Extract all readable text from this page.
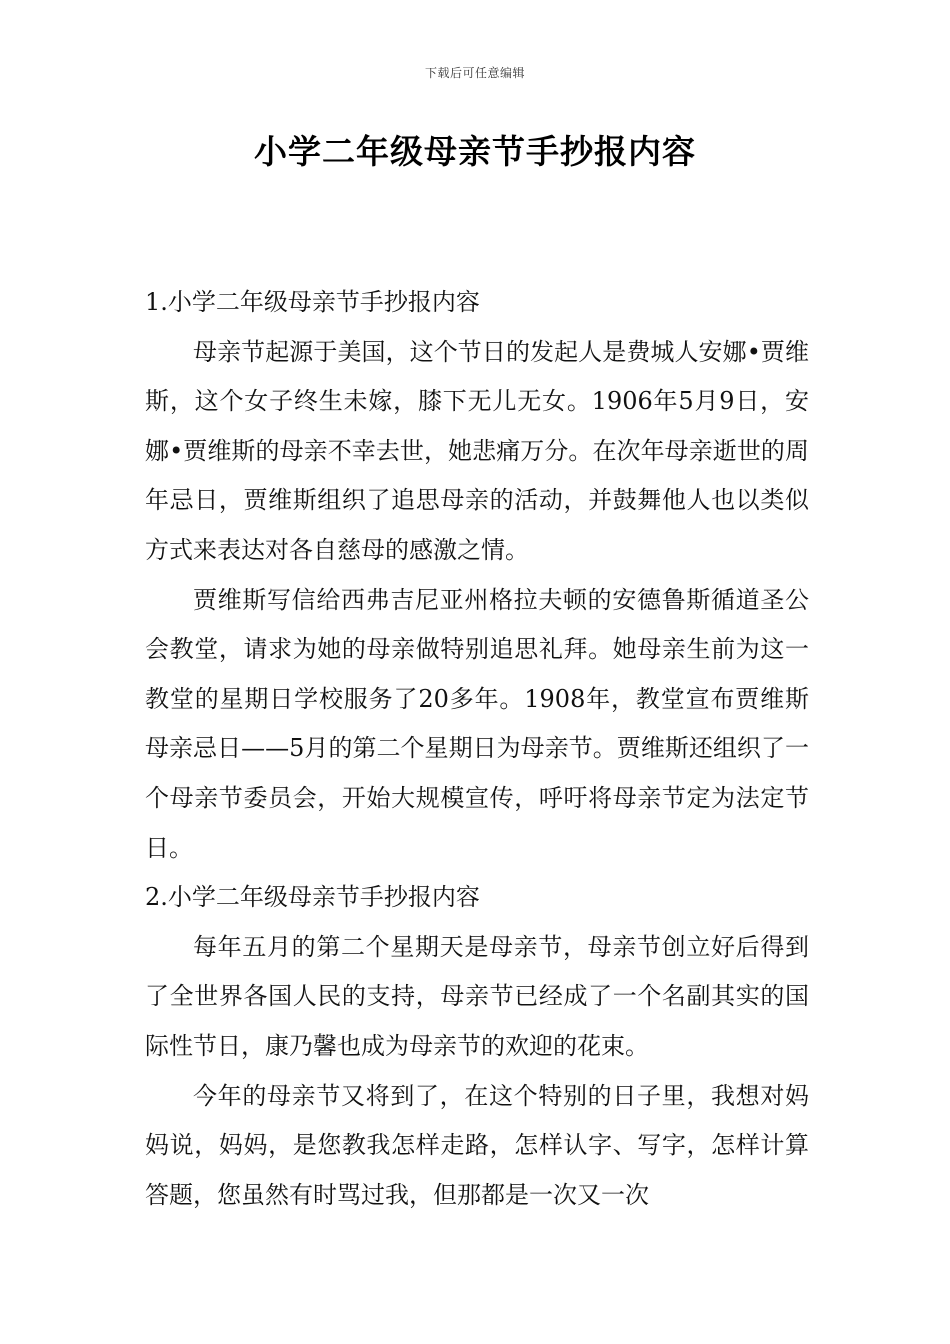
下载后可任意编辑
小学二年级母亲节手抄报内容

1.小学二年级母亲节手抄报内容

母亲节起源于美国，这个节日的发起人是费城人安娜•贾维斯，这个女子终生未嫁，膝下无儿无女。1906年5月9日，安娜•贾维斯的母亲不幸去世，她悲痛万分。在次年母亲逝世的周年忌日，贾维斯组织了追思母亲的活动，并鼓舞他人也以类似方式来表达对各自慈母的感激之情。

贾维斯写信给西弗吉尼亚州格拉夫顿的安德鲁斯循道圣公会教堂，请求为她的母亲做特别追思礼拜。她母亲生前为这一教堂的星期日学校服务了20多年。1908年，教堂宣布贾维斯母亲忌日——5月的第二个星期日为母亲节。贾维斯还组织了一个母亲节委员会，开始大规模宣传，呼吁将母亲节定为法定节日。

2.小学二年级母亲节手抄报内容

每年五月的第二个星期天是母亲节，母亲节创立好后得到了全世界各国人民的支持，母亲节已经成了一个名副其实的国际性节日，康乃馨也成为母亲节的欢迎的花束。

今年的母亲节又将到了，在这个特别的日子里，我想对妈妈说，妈妈，是您教我怎样走路，怎样认字、写字，怎样计算答题，您虽然有时骂过我，但那都是一次又一次
